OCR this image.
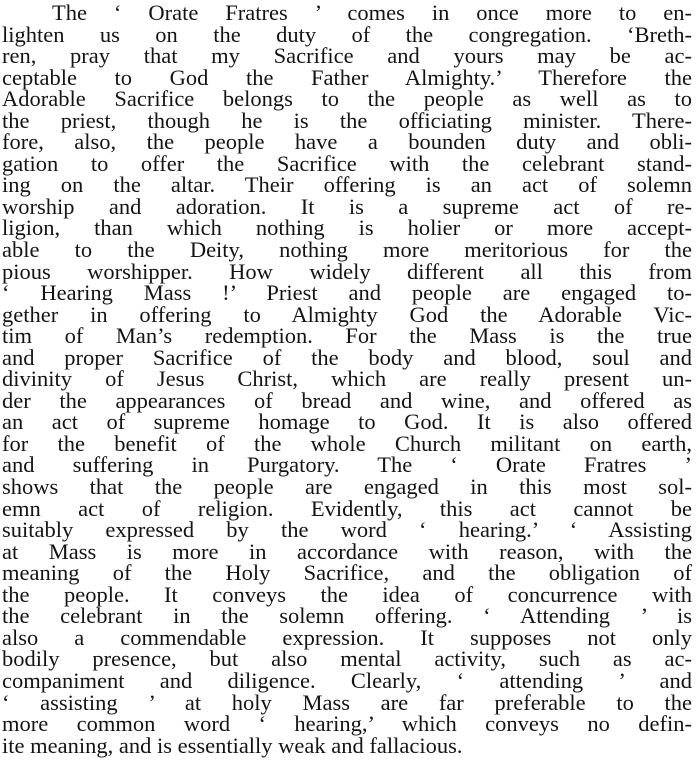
The ‘ Orate Fratres ’ comes in once more to en-
lighten us on the duty of the congregation. ‘Breth-
ren, pray that my Sacrifice and yours may be ac-
ceptable to God the Father Almighty.’ Therefore the
Adorable Sacrifice belongs to the people as well as to
the priest, though he is the officiating minister. There-
fore, also, the people have a bounden duty and obli-
gation to offer the Sacrifice with the celebrant stand-
ing on the altar. Their offering is an act of solemn
worship and adoration. It is a supreme act of re-
ligion, than which nothing is holier or more accept-
able to the Deity, nothing more meritorious for the
pious worshipper. How widely different all this from
‘ Hearing Mass !’ Priest and people are engaged to-
gether in offering to Almighty God the Adorable Vic-
tim of Man’s redemption. For the Mass is the true
and proper Sacrifice of the body and blood, soul and
divinity of Jesus Christ, which are really present un-
der the appearances of bread and wine, and offered as
an act of supreme homage to God. It is also offered
for the benefit of the whole Church militant on earth,
and suffering in Purgatory. The ‘ Orate Fratres ’
shows that the people are engaged in this most sol-
emn act of religion. Evidently, this act cannot be
suitably expressed by the word ‘ hearing.’ ‘ Assisting
at Mass is more in accordance with reason, with the
meaning of the Holy Sacrifice, and the obligation of
the people. It conveys the idea of concurrence with
the celebrant in the solemn offering. ‘ Attending ’ is
also a commendable expression. It supposes not only
bodily presence, but also mental activity, such as ac-
companiment and diligence. Clearly, ‘ attending ’ and
‘ assisting ’ at holy Mass are far preferable to the
more common word ‘ hearing,’ which conveys no defin-
ite meaning, and is essentially weak and fallacious.
